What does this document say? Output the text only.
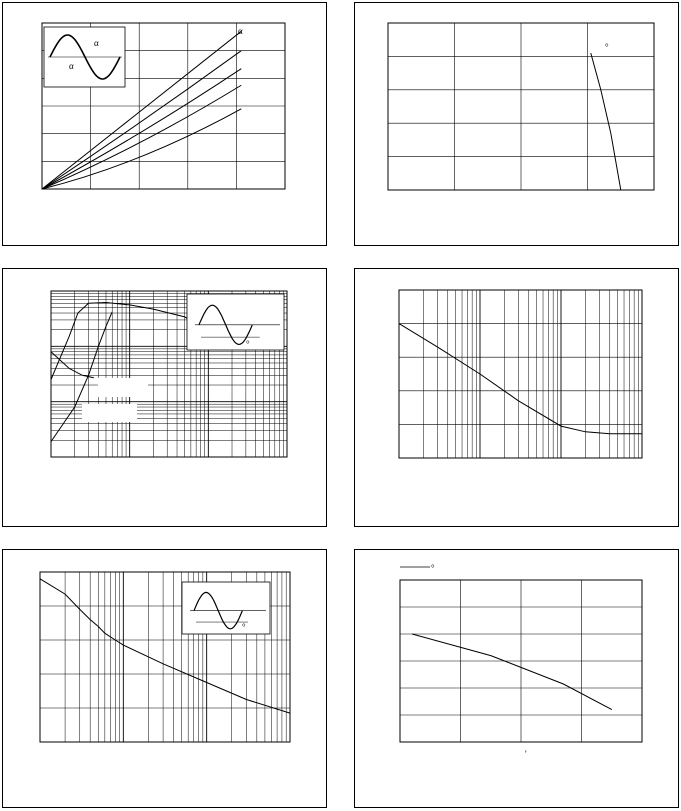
α
α
α
°
°
°
°
'
